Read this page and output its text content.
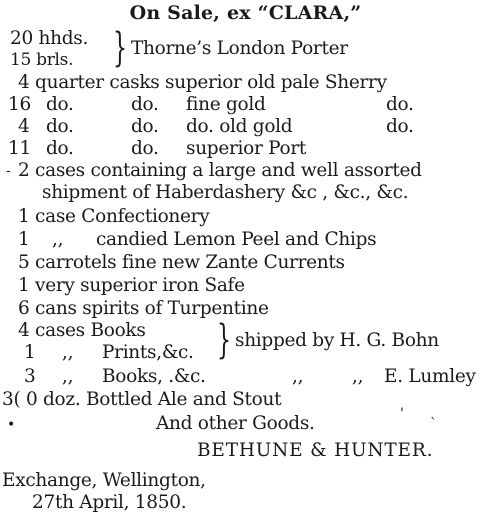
On Sale, ex “CLARA,”
20 hhds.
15 brls. } Thorne’s London Porter
4 quarter casks superior old pale Sherry
16 do.	do. fine gold	do.
4 do.	do. do. old gold	do.
11 do.	do. superior Port
- 2 cases containing a large and well assorted
shipment of Haberdashery &c , &c., &c.
1 case Confectionery
1 ,, candied Lemon Peel and Chips
5 carrotels fine new Zante Currents
1 very superior iron Safe
6 cans spirits of Turpentine
4 cases Books
1 ,, Prints,&c. } shipped by H. G. Bohn
3 ,, Books, .&c.	,,	,, E. Lumley
3( 0 doz. Bottled Ale and Stout
•
'
`
And other Goods.
BETHUNE & HUNTER.
Exchange, Wellington,
27th April, 1850.
